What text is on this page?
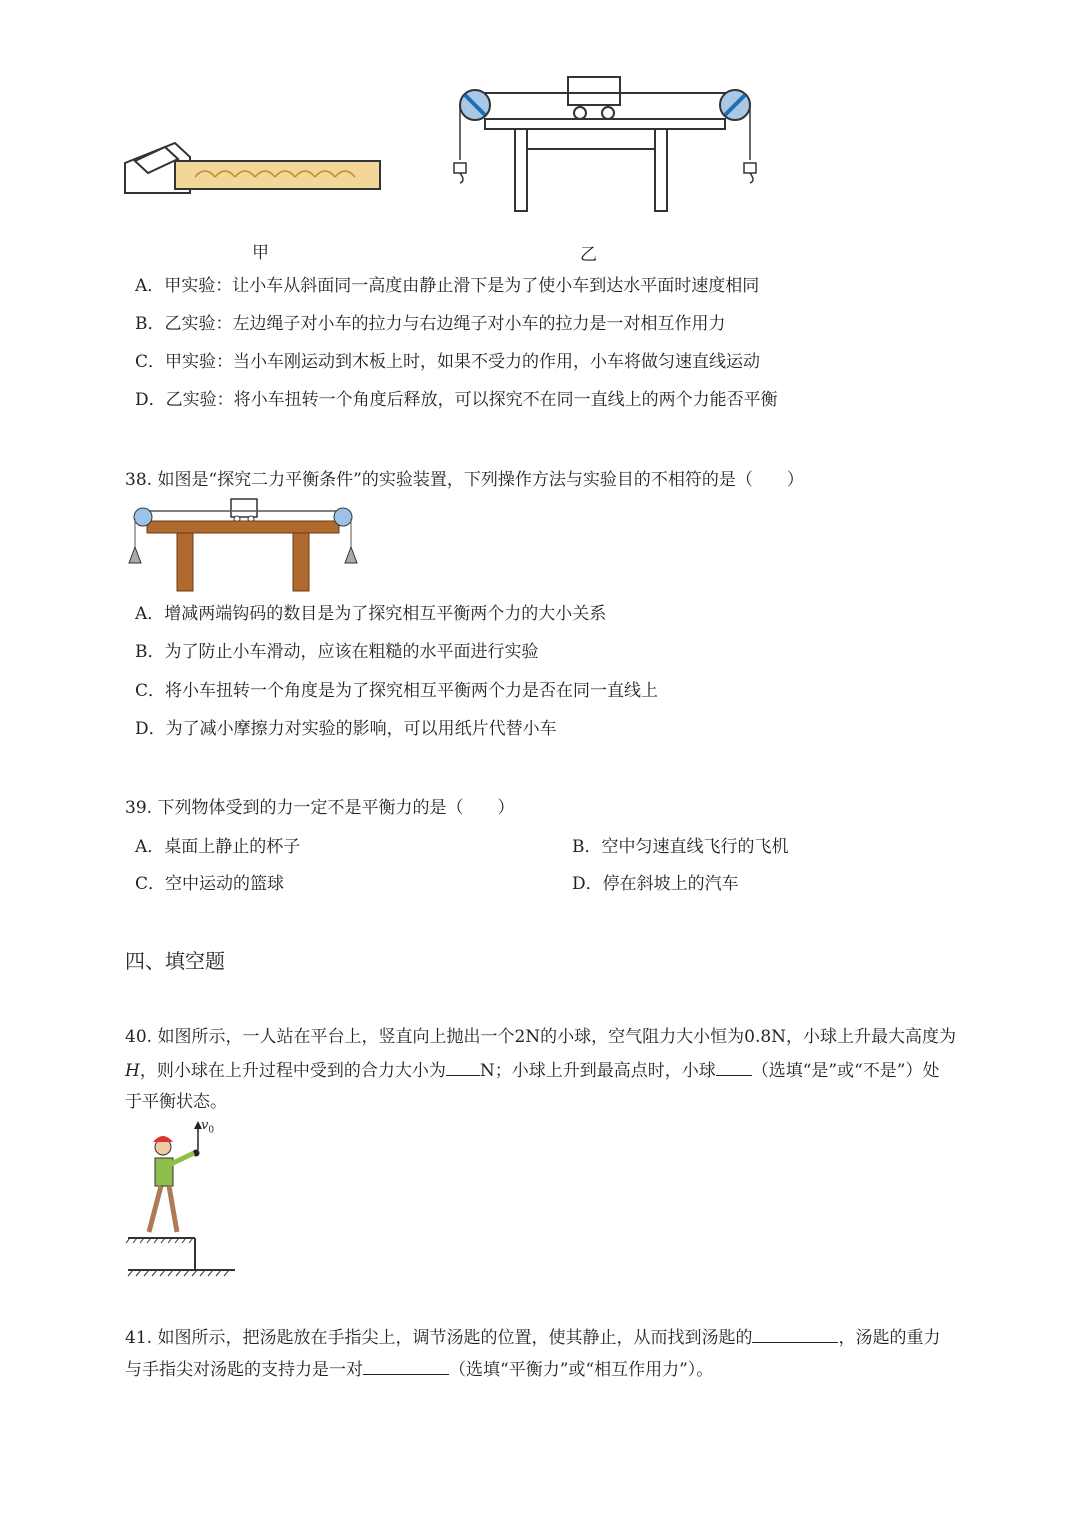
甲	乙
A．甲实验：让小车从斜面同一高度由静止滑下是为了使小车到达水平面时速度相同
B．乙实验：左边绳子对小车的拉力与右边绳子对小车的拉力是一对相互作用力
C．甲实验：当小车刚运动到木板上时，如果不受力的作用，小车将做匀速直线运动
D．乙实验：将小车扭转一个角度后释放，可以探究不在同一直线上的两个力能否平衡
38. 如图是“探究二力平衡条件”的实验装置，下列操作方法与实验目的不相符的是（　　）
A．增减两端钩码的数目是为了探究相互平衡两个力的大小关系
B．为了防止小车滑动，应该在粗糙的水平面进行实验
C．将小车扭转一个角度是为了探究相互平衡两个力是否在同一直线上
D．为了减小摩擦力对实验的影响，可以用纸片代替小车
39. 下列物体受到的力一定不是平衡力的是（　　）
A．桌面上静止的杯子	B．空中匀速直线飞行的飞机
C．空中运动的篮球	D．停在斜坡上的汽车
四、填空题
40. 如图所示，一人站在平台上，竖直向上抛出一个2N的小球，空气阻力大小恒为0.8N，小球上升最大高度为
H，则小球在上升过程中受到的合力大小为 N；小球上升到最高点时，小球 （选填“是”或“不是”）处
于平衡状态。
$v_0$
41. 如图所示，把汤匙放在手指尖上，调节汤匙的位置，使其静止，从而找到汤匙的	，汤匙的重力
与手指尖对汤匙的支持力是一对	（选填“平衡力”或“相互作用力”）。
